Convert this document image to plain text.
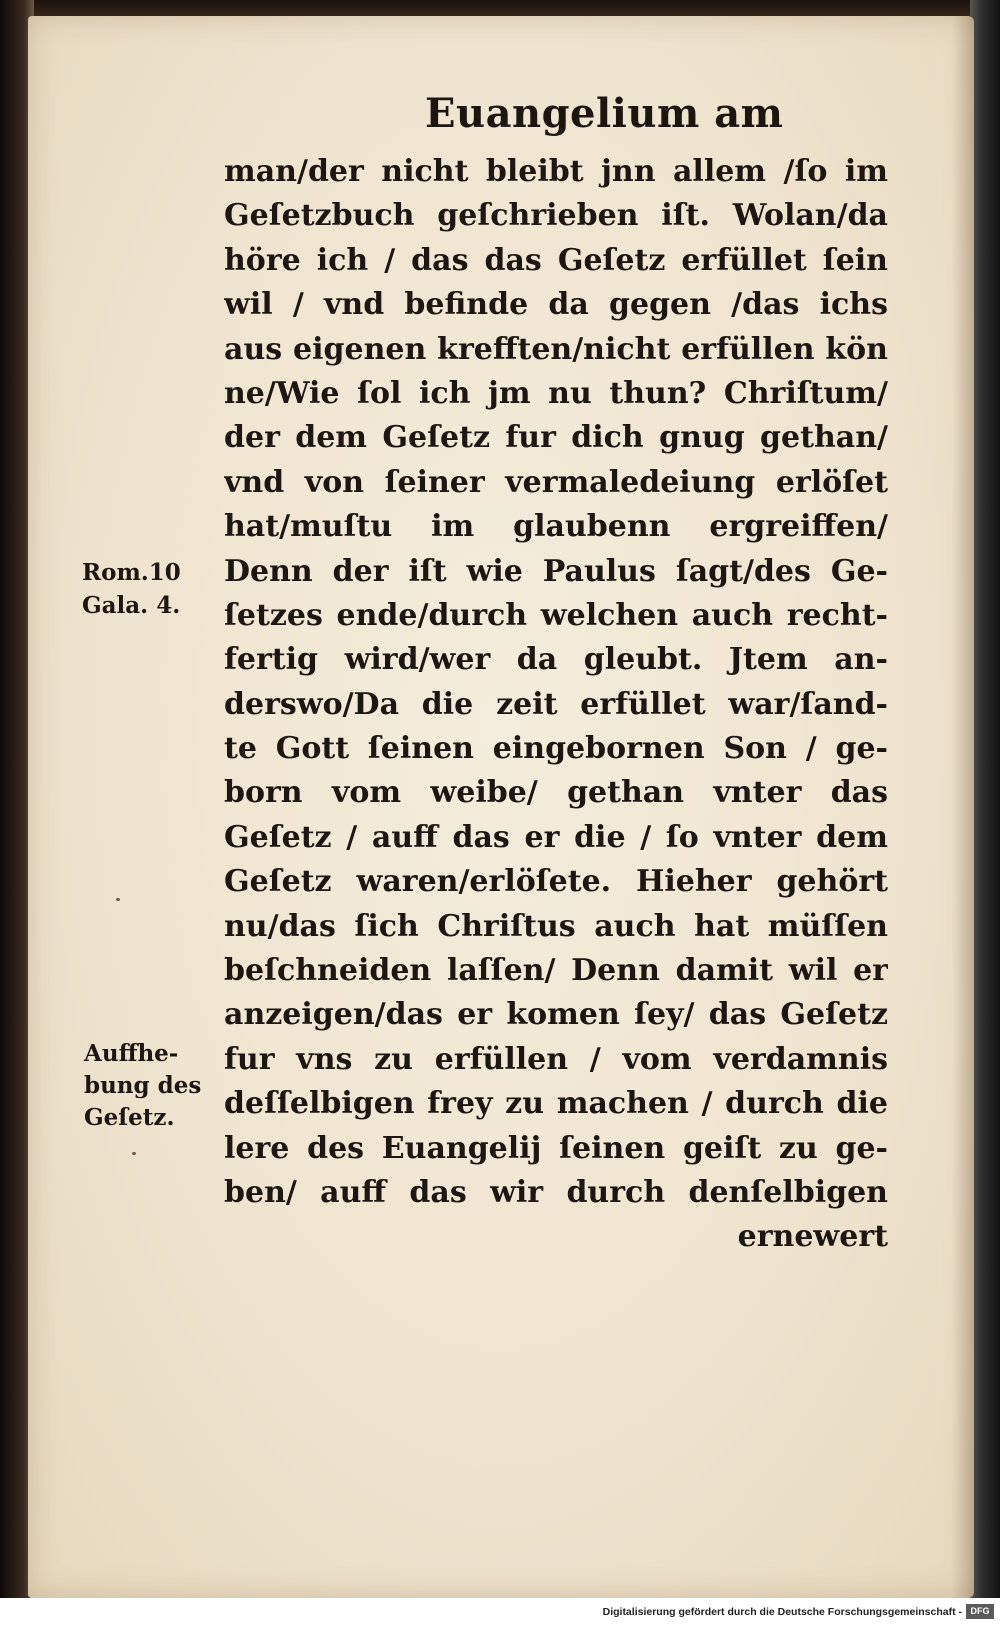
Euangelium am
man/der nicht bleibt jnn allem /ſo im
Geſetzbuch geſchrieben iſt. Wolan/da
höre ich / das das Geſetz erfüllet ſein
wil / vnd befinde da gegen /das ichs
aus eigenen krefften/nicht erfüllen kön
ne/Wie ſol ich jm nu thun? Chriſtum/
der dem Geſetz fur dich gnug gethan/
vnd von ſeiner vermaledeiung erlöſet
hat/muſtu im glaubenn ergreiffen/
Denn der iſt wie Paulus ſagt/des Ge-
ſetzes ende/durch welchen auch recht-
fertig wird/wer da gleubt. Jtem an-
derswo/Da die zeit erfüllet war/ſand-
te Gott ſeinen eingebornen Son / ge-
born vom weibe/ gethan vnter das
Geſetz / auff das er die / ſo vnter dem
Geſetz waren/erlöſete. Hieher gehört
nu/das ſich Chriſtus auch hat müſſen
beſchneiden laſſen/ Denn damit wil er
anzeigen/das er komen ſey/ das Geſetz
fur vns zu erfüllen / vom verdamnis
deſſelbigen frey zu machen / durch die
lere des Euangelij ſeinen geiſt zu ge-
ben/ auff das wir durch denſelbigen
ernewert
Rom.10
Gala. 4.
Auffhe-
bung des
Geſetz.
Digitalisierung gefördert durch die Deutsche Forschungsgemeinschaft - DFG
